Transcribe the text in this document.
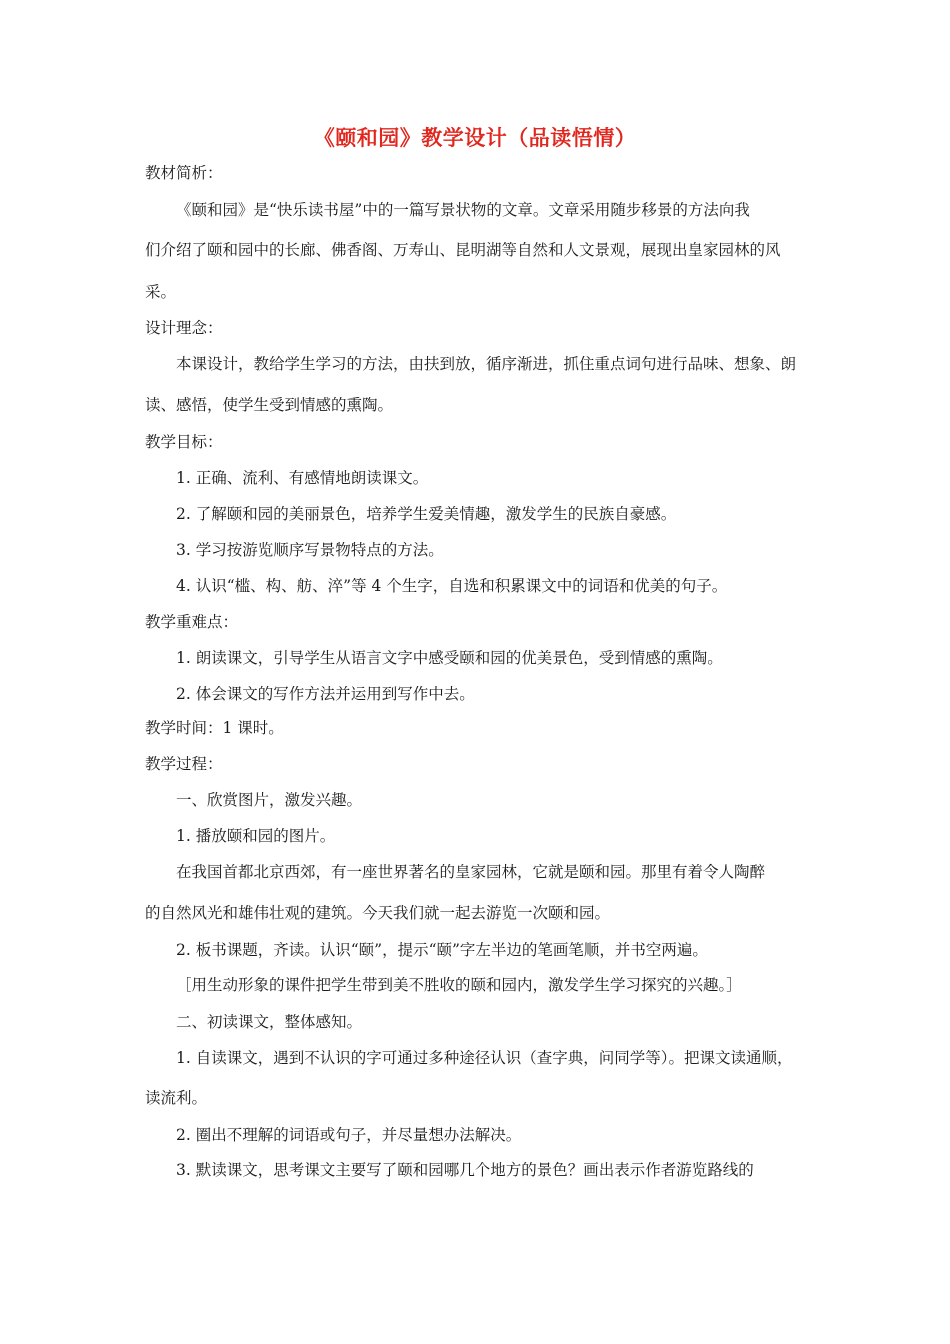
《颐和园》教学设计（品读悟情）
教材简析：
《颐和园》是“快乐读书屋”中的一篇写景状物的文章。文章采用随步移景的方法向我
们介绍了颐和园中的长廊、佛香阁、万寿山、昆明湖等自然和人文景观，展现出皇家园林的风
采。
设计理念：
本课设计，教给学生学习的方法，由扶到放，循序渐进，抓住重点词句进行品味、想象、朗
读、感悟，使学生受到情感的熏陶。
教学目标：
1. 正确、流利、有感情地朗读课文。
2. 了解颐和园的美丽景色，培养学生爱美情趣，激发学生的民族自豪感。
3. 学习按游览顺序写景物特点的方法。
4. 认识“槛、构、舫、淬”等 4 个生字，自选和积累课文中的词语和优美的句子。
教学重难点：
1. 朗读课文，引导学生从语言文字中感受颐和园的优美景色，受到情感的熏陶。
2. 体会课文的写作方法并运用到写作中去。
教学时间：1 课时。
教学过程：
一、欣赏图片，激发兴趣。
1. 播放颐和园的图片。
在我国首都北京西郊，有一座世界著名的皇家园林，它就是颐和园。那里有着令人陶醉
的自然风光和雄伟壮观的建筑。今天我们就一起去游览一次颐和园。
2. 板书课题，齐读。认识“颐”，提示“颐”字左半边的笔画笔顺，并书空两遍。
［用生动形象的课件把学生带到美不胜收的颐和园内，激发学生学习探究的兴趣。］
二、初读课文，整体感知。
1. 自读课文，遇到不认识的字可通过多种途径认识（查字典，问同学等）。把课文读通顺，
读流利。
2. 圈出不理解的词语或句子，并尽量想办法解决。
3. 默读课文，思考课文主要写了颐和园哪几个地方的景色？画出表示作者游览路线的
